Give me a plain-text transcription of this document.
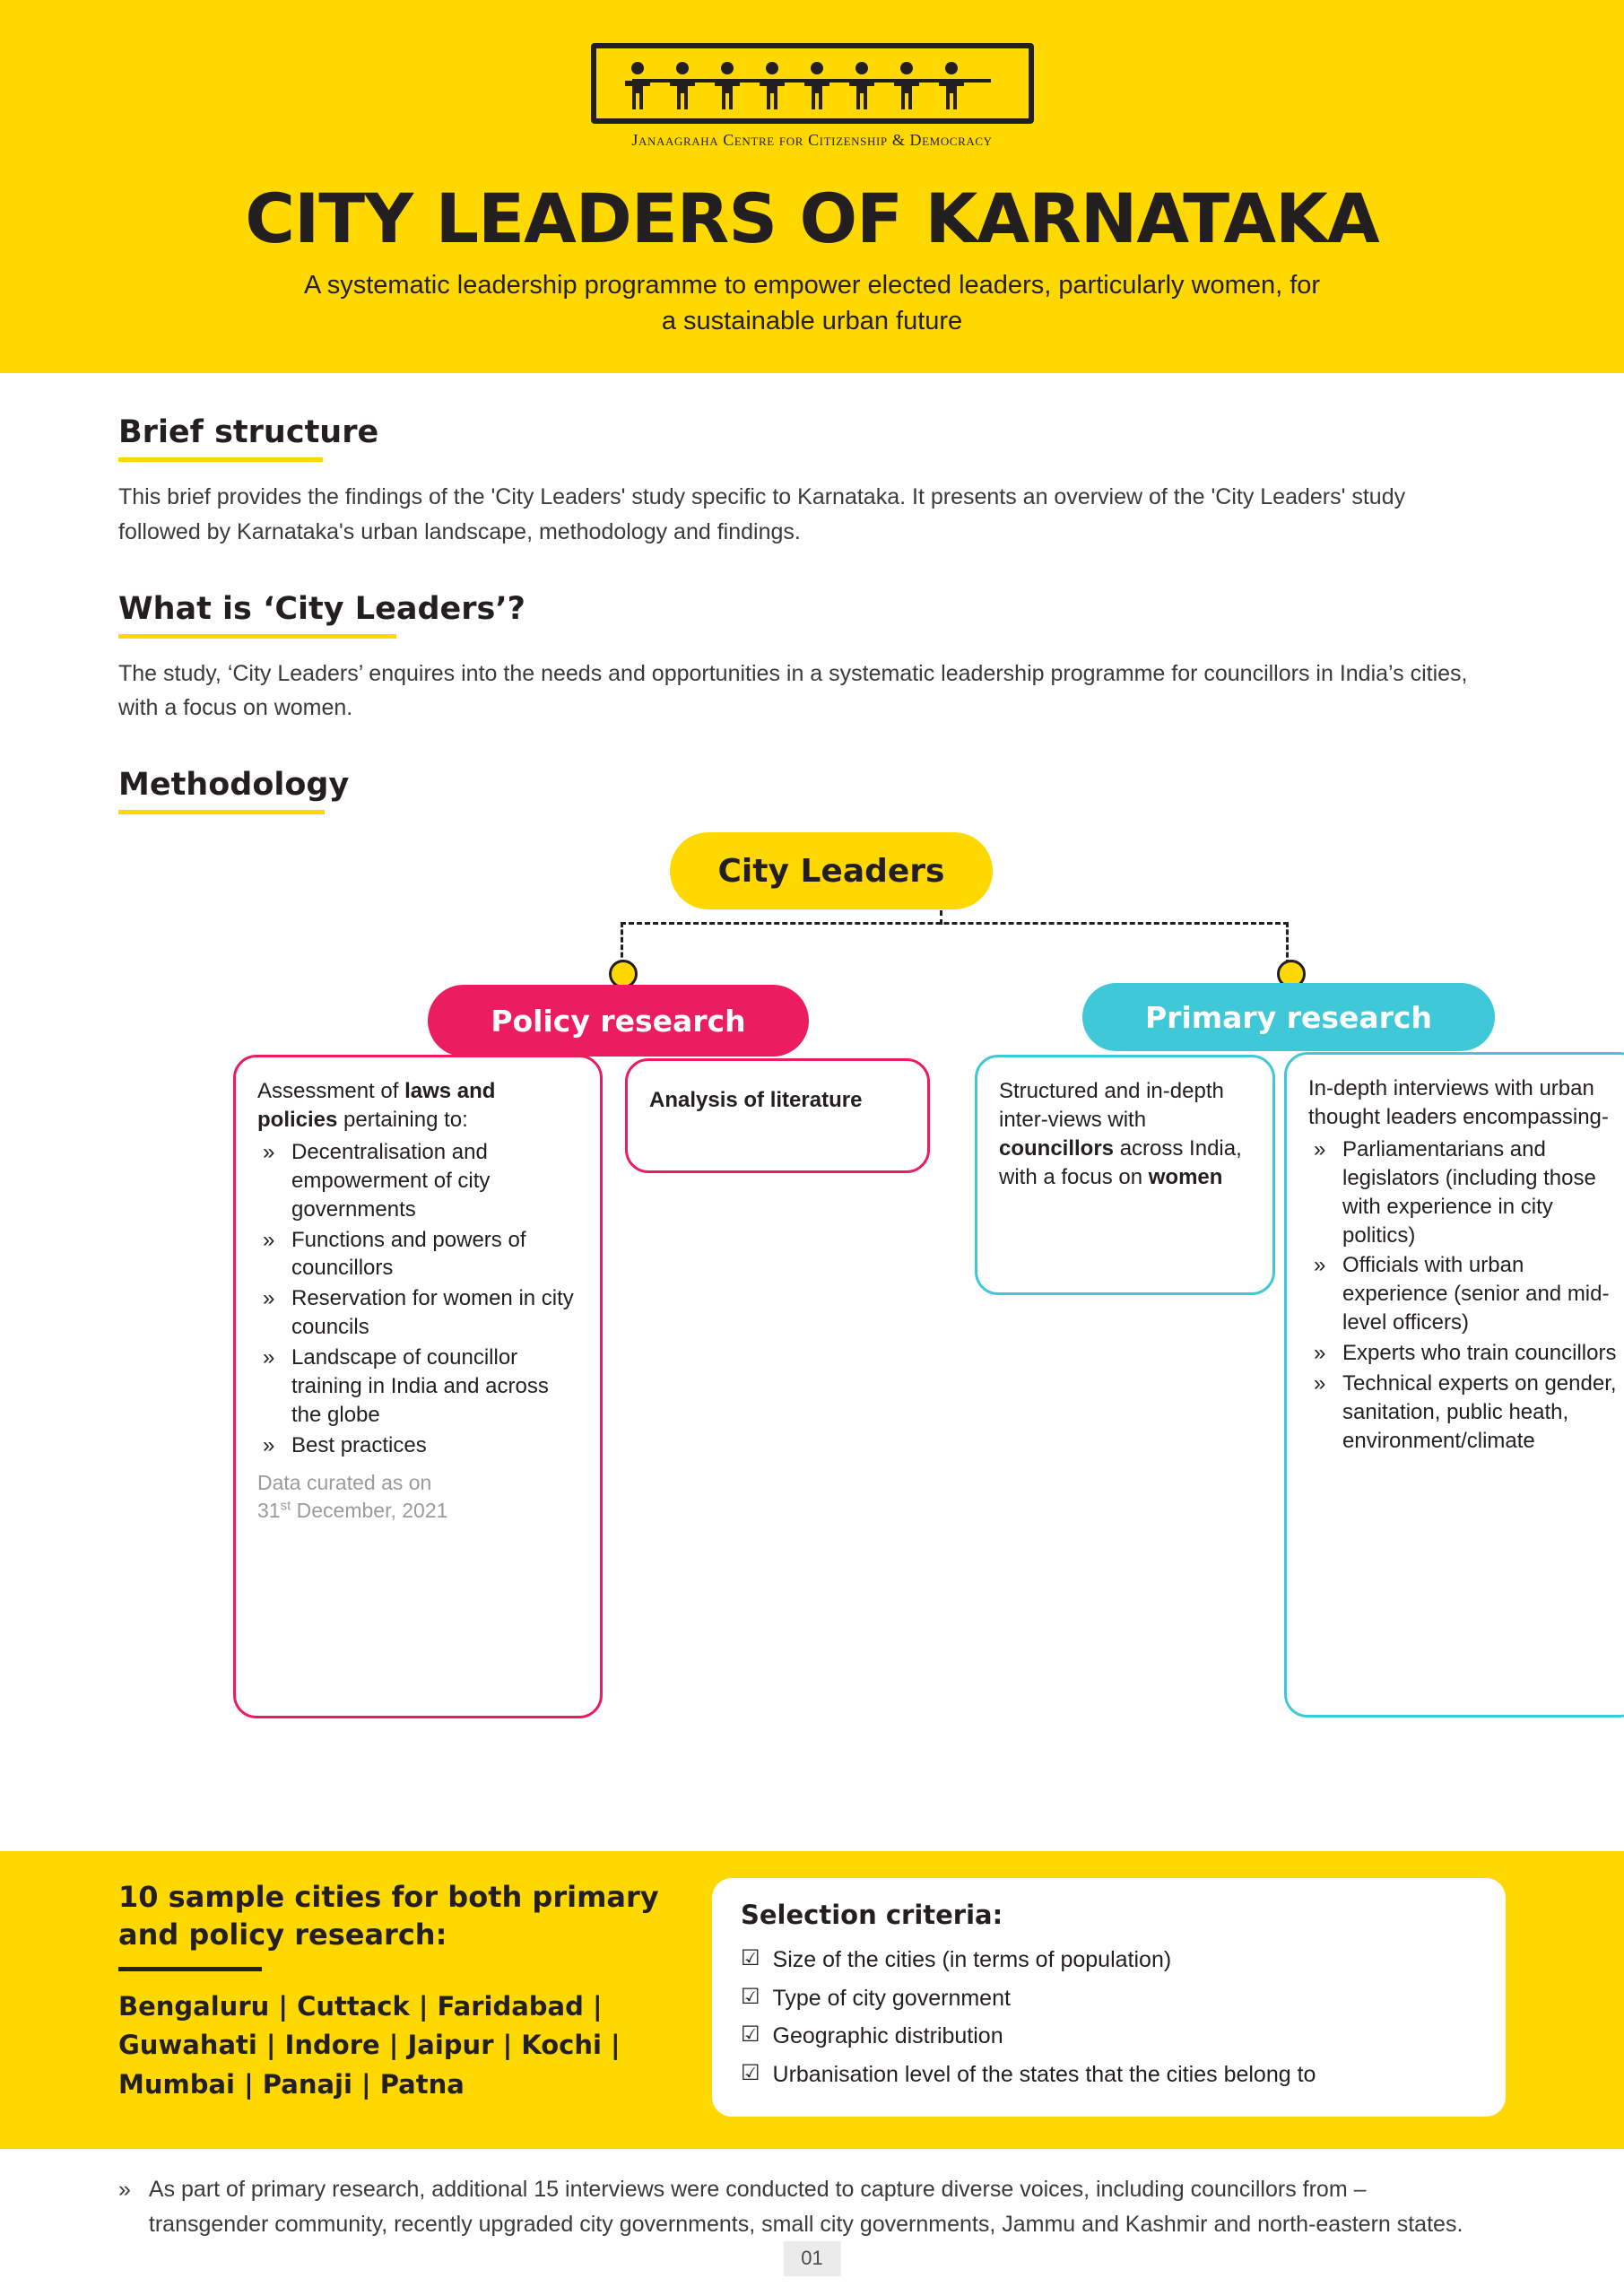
Janaagraha Centre for Citizenship & Democracy
CITY LEADERS OF KARNATAKA
A systematic leadership programme to empower elected leaders, particularly women, for a sustainable urban future
Brief structure
This brief provides the findings of the 'City Leaders' study specific to Karnataka. It presents an overview of the 'City Leaders' study followed by Karnataka's urban landscape, methodology and findings.
What is ‘City Leaders’?
The study, ‘City Leaders’ enquires into the needs and opportunities in a systematic leadership programme for councillors in India’s cities, with a focus on women.
Methodology
City Leaders
Policy research	Primary research
Assessment of laws and policies pertaining to:
» Decentralisation and empowerment of city governments
» Functions and powers of councillors
» Reservation for women in city councils
» Landscape of councillor training in India and across the globe
» Best practices
Data curated as on
31st December, 2021
Analysis of literature	Structured and in-depth inter-views with councillors across India, with a focus on women
In-depth interviews with urban thought leaders encompassing-
» Parliamentarians and legislators (including those with experience in city politics)
» Officials with urban experience (senior and mid-level officers)
» Experts who train councillors
» Technical experts on gender, sanitation, public heath, environment/climate
10 sample cities for both primary and policy research:
Bengaluru | Cuttack | Faridabad |
Guwahati | Indore | Jaipur | Kochi |
Mumbai | Panaji | Patna
Selection criteria:
☑ Size of the cities (in terms of population)
☑ Type of city government
☑ Geographic distribution
☑ Urbanisation level of the states that the cities belong to
» As part of primary research, additional 15 interviews were conducted to capture diverse voices, including councillors from – transgender community, recently upgraded city governments, small city governments, Jammu and Kashmir and north-eastern states.
01
